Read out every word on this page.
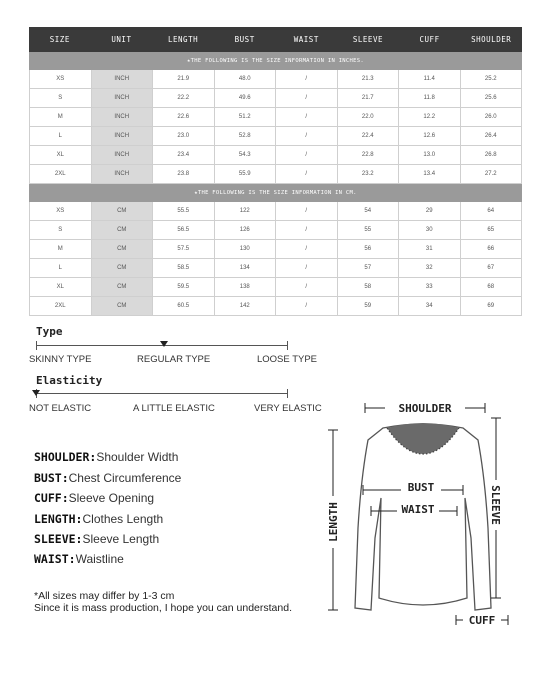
SIZE	UNIT	LENGTH	BUST	WAIST	SLEEVE	CUFF	SHOULDER
★THE FOLLOWING IS THE SIZE INFORMATION IN INCHES.
XS	INCH	21.9	48.0	/	21.3	11.4	25.2
S	INCH	22.2	49.6	/	21.7	11.8	25.6
M	INCH	22.6	51.2	/	22.0	12.2	26.0
L	INCH	23.0	52.8	/	22.4	12.6	26.4
XL	INCH	23.4	54.3	/	22.8	13.0	26.8
2XL	INCH	23.8	55.9	/	23.2	13.4	27.2
★THE FOLLOWING IS THE SIZE INFORMATION IN CM.
XS	CM	55.5	122	/	54	29	64
S	CM	56.5	126	/	55	30	65
M	CM	57.5	130	/	56	31	66
L	CM	58.5	134	/	57	32	67
XL	CM	59.5	138	/	58	33	68
2XL	CM	60.5	142	/	59	34	69
Type
SKINNY TYPE	REGULAR TYPE	LOOSE TYPE
Elasticity
NOT ELASTIC	A LITTLE ELASTIC	VERY ELASTIC
SHOULDER:Shoulder Width
BUST:Chest Circumference
CUFF:Sleeve Opening
LENGTH:Clothes Length
SLEEVE:Sleeve Length
WAIST:Waistline
*All sizes may differ by 1-3 cm
Since it is mass production, I hope you can understand.
SHOULDER
BUST
WAIST
LENGTH	SLEEVE
CUFF
